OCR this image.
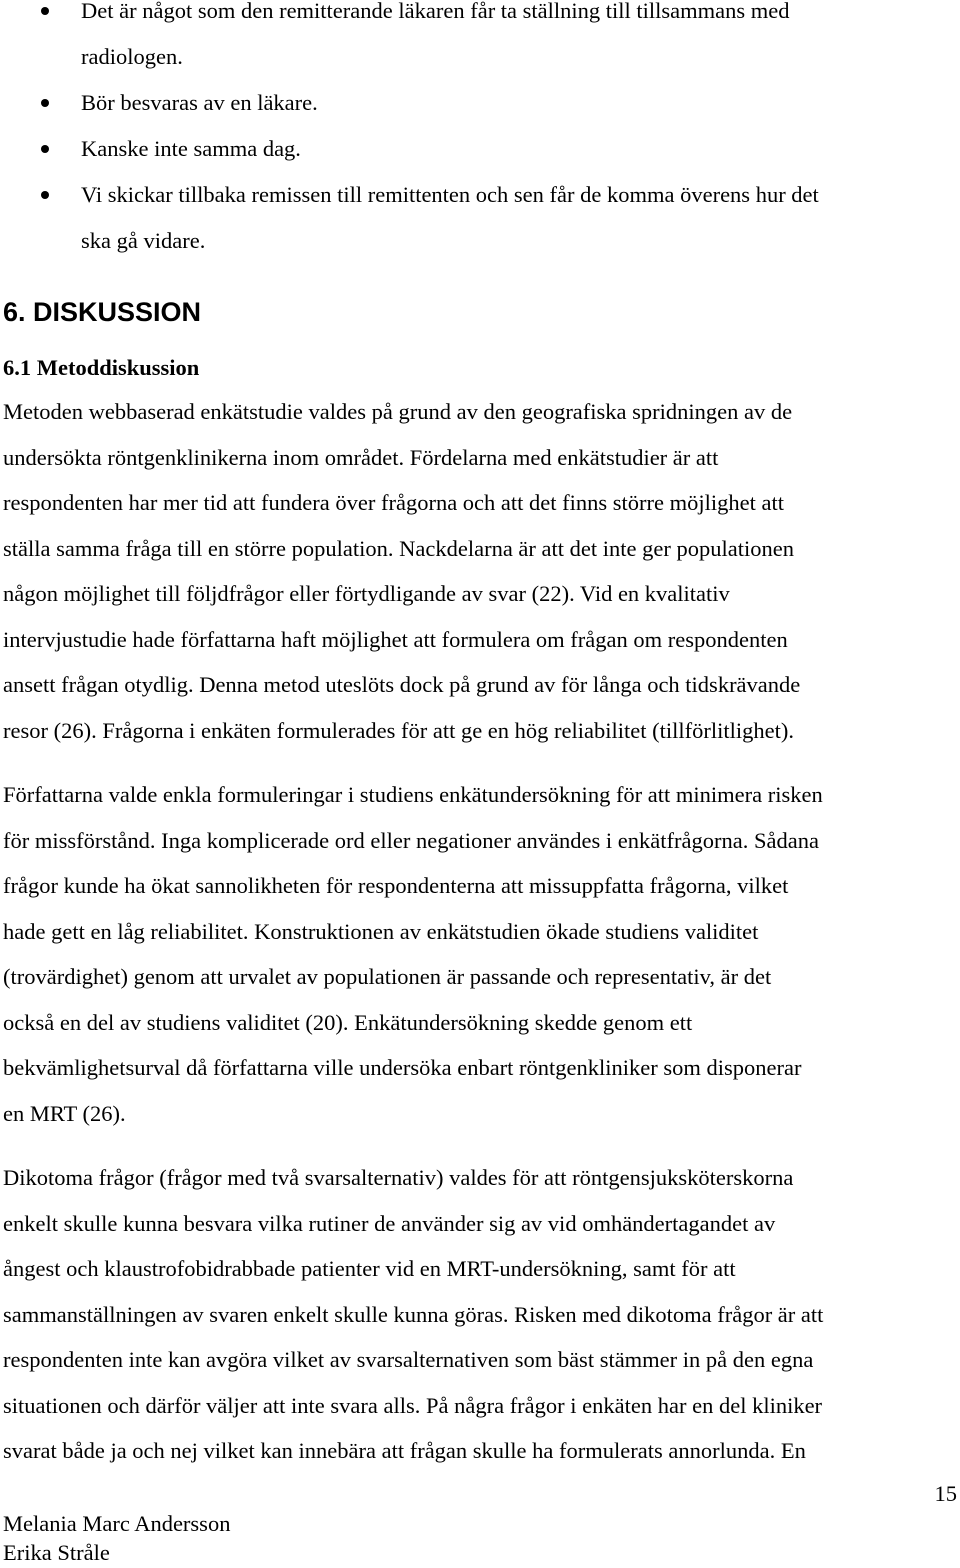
Det är något som den remitterande läkaren får ta ställning till tillsammans med
radiologen.
Bör besvaras av en läkare.
Kanske inte samma dag.
Vi skickar tillbaka remissen till remittenten och sen får de komma överens hur det
ska gå vidare.
6. DISKUSSION
6.1 Metoddiskussion

Metoden webbaserad enkätstudie valdes på grund av den geografiska spridningen av de
undersökta röntgenklinikerna inom området. Fördelarna med enkätstudier är att
respondenten har mer tid att fundera över frågorna och att det finns större möjlighet att
ställa samma fråga till en större population. Nackdelarna är att det inte ger populationen
någon möjlighet till följdfrågor eller förtydligande av svar (22). Vid en kvalitativ
intervjustudie hade författarna haft möjlighet att formulera om frågan om respondenten
ansett frågan otydlig. Denna metod uteslöts dock på grund av för långa och tidskrävande
resor (26). Frågorna i enkäten formulerades för att ge en hög reliabilitet (tillförlitlighet).

Författarna valde enkla formuleringar i studiens enkätundersökning för att minimera risken
för missförstånd. Inga komplicerade ord eller negationer användes i enkätfrågorna. Sådana
frågor kunde ha ökat sannolikheten för respondenterna att missuppfatta frågorna, vilket
hade gett en låg reliabilitet. Konstruktionen av enkätstudien ökade studiens validitet
(trovärdighet) genom att urvalet av populationen är passande och representativ, är det
också en del av studiens validitet (20). Enkätundersökning skedde genom ett
bekvämlighetsurval då författarna ville undersöka enbart röntgenkliniker som disponerar
en MRT (26).

Dikotoma frågor (frågor med två svarsalternativ) valdes för att röntgensjuksköterskorna
enkelt skulle kunna besvara vilka rutiner de använder sig av vid omhändertagandet av
ångest och klaustrofobidrabbade patienter vid en MRT-undersökning, samt för att
sammanställningen av svaren enkelt skulle kunna göras. Risken med dikotoma frågor är att
respondenten inte kan avgöra vilket av svarsalternativen som bäst stämmer in på den egna
situationen och därför väljer att inte svara alls. På några frågor i enkäten har en del kliniker
svarat både ja och nej vilket kan innebära att frågan skulle ha formulerats annorlunda. En

15
Melania Marc Andersson
Erika Stråle
